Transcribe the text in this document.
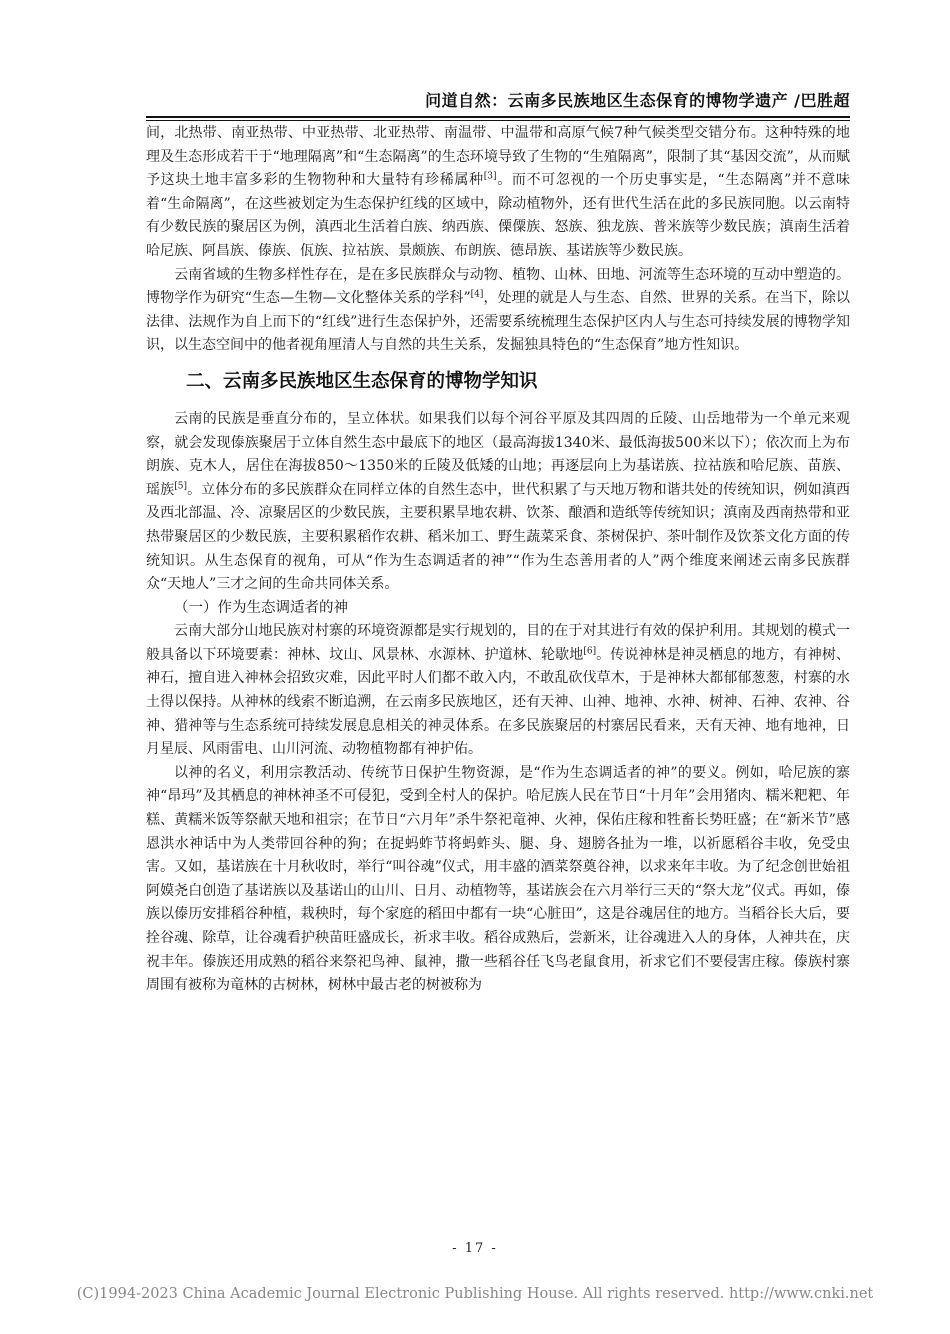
问道自然：云南多民族地区生态保育的博物学遗产 /巴胜超

间，北热带、南亚热带、中亚热带、北亚热带、南温带、中温带和高原气候7种气候类型交错分布。这种特殊的地理及生态形成若干于“地理隔离”和“生态隔离”的生态环境导致了生物的“生殖隔离”，限制了其“基因交流”，从而赋予这块土地丰富多彩的生物物种和大量特有珍稀属种[3]。而不可忽视的一个历史事实是，“生态隔离”并不意味着“生命隔离”，在这些被划定为生态保护红线的区域中，除动植物外，还有世代生活在此的多民族同胞。以云南特有少数民族的聚居区为例，滇西北生活着白族、纳西族、傈僳族、怒族、独龙族、普米族等少数民族；滇南生活着哈尼族、阿昌族、傣族、佤族、拉祜族、景颇族、布朗族、德昂族、基诺族等少数民族。

云南省域的生物多样性存在，是在多民族群众与动物、植物、山林、田地、河流等生态环境的互动中塑造的。博物学作为研究“生态—生物—文化整体关系的学科”[4]，处理的就是人与生态、自然、世界的关系。在当下，除以法律、法规作为自上而下的“红线”进行生态保护外，还需要系统梳理生态保护区内人与生态可持续发展的博物学知识，以生态空间中的他者视角厘清人与自然的共生关系，发掘独具特色的“生态保育”地方性知识。

二、云南多民族地区生态保育的博物学知识

云南的民族是垂直分布的，呈立体状。如果我们以每个河谷平原及其四周的丘陵、山岳地带为一个单元来观察，就会发现傣族聚居于立体自然生态中最底下的地区（最高海拔1340米、最低海拔500米以下）；依次而上为布朗族、克木人，居住在海拔850～1350米的丘陵及低矮的山地；再逐层向上为基诺族、拉祜族和哈尼族、苗族、瑶族[5]。立体分布的多民族群众在同样立体的自然生态中，世代积累了与天地万物和谐共处的传统知识，例如滇西及西北部温、冷、凉聚居区的少数民族，主要积累旱地农耕、饮茶、酿酒和造纸等传统知识；滇南及西南热带和亚热带聚居区的少数民族，主要积累稻作农耕、稻米加工、野生蔬菜采食、茶树保护、茶叶制作及饮茶文化方面的传统知识。从生态保育的视角，可从“作为生态调适者的神”“作为生态善用者的人”两个维度来阐述云南多民族群众“天地人”三才之间的生命共同体关系。

（一）作为生态调适者的神

云南大部分山地民族对村寨的环境资源都是实行规划的，目的在于对其进行有效的保护利用。其规划的模式一般具备以下环境要素：神林、坟山、风景林、水源林、护道林、轮歇地[6]。传说神林是神灵栖息的地方，有神树、神石，擅自进入神林会招致灾难，因此平时人们都不敢入内，不敢乱砍伐草木，于是神林大都郁郁葱葱，村寨的水土得以保持。从神林的线索不断追溯，在云南多民族地区，还有天神、山神、地神、水神、树神、石神、农神、谷神、猎神等与生态系统可持续发展息息相关的神灵体系。在多民族聚居的村寨居民看来，天有天神、地有地神，日月星辰、风雨雷电、山川河流、动物植物都有神护佑。

以神的名义，利用宗教活动、传统节日保护生物资源，是“作为生态调适者的神”的要义。例如，哈尼族的寨神“昂玛”及其栖息的神林神圣不可侵犯，受到全村人的保护。哈尼族人民在节日“十月年”会用猪肉、糯米粑粑、年糕、黄糯米饭等祭献天地和祖宗；在节日“六月年”杀牛祭祀竜神、火神，保佑庄稼和牲畜长势旺盛；在“新米节”感恩洪水神话中为人类带回谷种的狗；在捉蚂蚱节将蚂蚱头、腿、身、翅膀各扯为一堆，以祈愿稻谷丰收，免受虫害。又如，基诺族在十月秋收时，举行“叫谷魂”仪式，用丰盛的酒菜祭奠谷神，以求来年丰收。为了纪念创世始祖阿嫫尧白创造了基诺族以及基诺山的山川、日月、动植物等，基诺族会在六月举行三天的“祭大龙”仪式。再如，傣族以傣历安排稻谷种植，栽秧时，每个家庭的稻田中都有一块“心脏田”，这是谷魂居住的地方。当稻谷长大后，要拴谷魂、除草，让谷魂看护秧苗旺盛成长，祈求丰收。稻谷成熟后，尝新米，让谷魂进入人的身体，人神共在，庆祝丰年。傣族还用成熟的稻谷来祭祀鸟神、鼠神，撒一些稻谷任飞鸟老鼠食用，祈求它们不要侵害庄稼。傣族村寨周围有被称为竜林的古树林，树林中最古老的树被称为

- 17 -
(C)1994-2023 China Academic Journal Electronic Publishing House. All rights reserved. http://www.cnki.net
